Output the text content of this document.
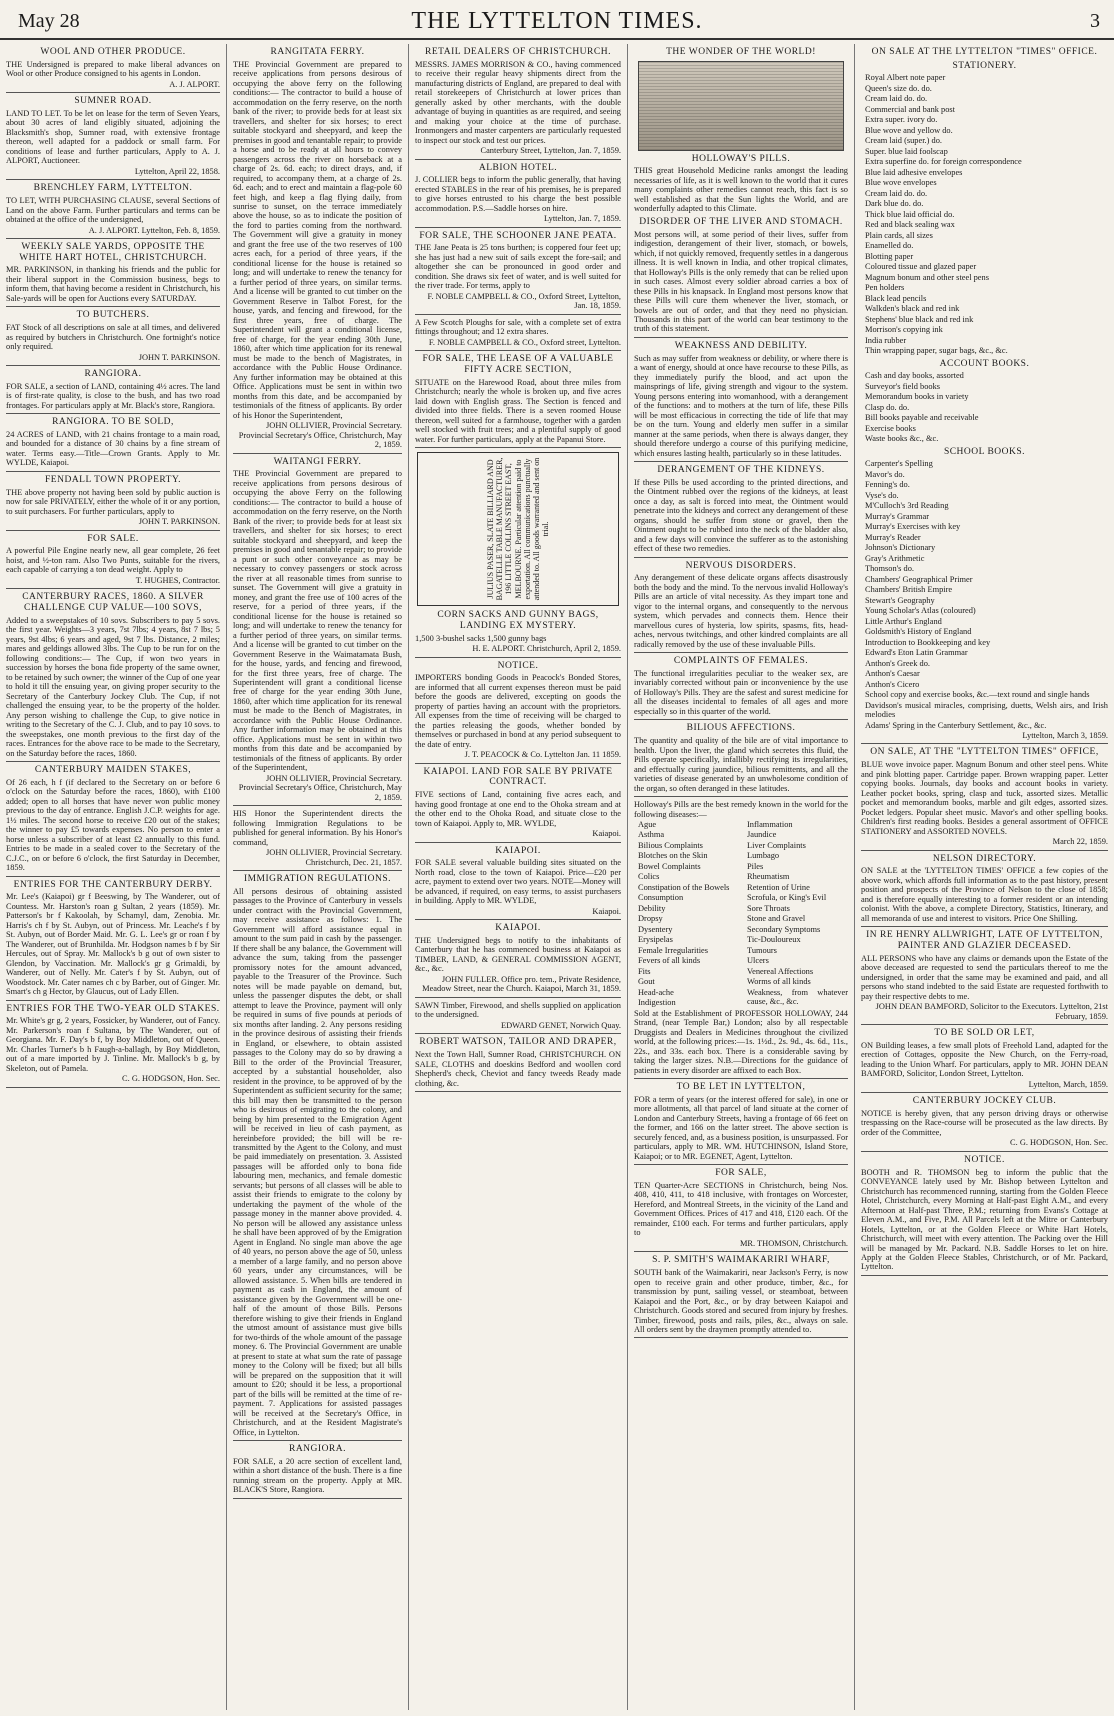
May 28	THE LYTTELTON TIMES.	3
WOOL AND OTHER PRODUCE.

THE Undersigned is prepared to make liberal advances on Wool or other Produce consigned to his agents in London.

A. J. ALPORT.

SUMNER ROAD.

LAND TO LET. To be let on lease for the term of Seven Years, about 30 acres of land eligibly situated, adjoining the Blacksmith's shop, Sumner road, with extensive frontage thereon, well adapted for a paddock or small farm. For conditions of lease and further particulars, Apply to A. J. ALPORT, Auctioneer.

Lyttelton, April 22, 1858.

BRENCHLEY FARM, LYTTELTON.

TO LET, WITH PURCHASING CLAUSE, several Sections of Land on the above Farm. Further particulars and terms can be obtained at the office of the undersigned,

A. J. ALPORT. Lyttelton, Feb. 8, 1859.

WEEKLY SALE YARDS, OPPOSITE THE WHITE HART HOTEL, CHRISTCHURCH.

MR. PARKINSON, in thanking his friends and the public for their liberal support in the Commission business, begs to inform them, that having become a resident in Christchurch, his Sale-yards will be open for Auctions every SATURDAY.

TO BUTCHERS.

FAT Stock of all descriptions on sale at all times, and delivered as required by butchers in Christchurch. One fortnight's notice only required.

JOHN T. PARKINSON.

RANGIORA.

FOR SALE, a section of LAND, containing 4½ acres. The land is of first-rate quality, is close to the bush, and has two road frontages. For particulars apply at Mr. Black's store, Rangiora.

RANGIORA. TO BE SOLD,

24 ACRES of LAND, with 21 chains frontage to a main road, and bounded for a distance of 30 chains by a fine stream of water. Terms easy.—Title—Crown Grants. Apply to Mr. WYLDE, Kaiapoi.

FENDALL TOWN PROPERTY.

THE above property not having been sold by public auction is now for sale PRIVATELY, either the whole of it or any portion, to suit purchasers. For further particulars, apply to

JOHN T. PARKINSON.

FOR SALE.

A powerful Pile Engine nearly new, all gear complete, 26 feet hoist, and ½-ton ram. Also Two Punts, suitable for the rivers, each capable of carrying a ton dead weight. Apply to

T. HUGHES, Contractor.

CANTERBURY RACES, 1860. A SILVER CHALLENGE CUP VALUE—100 SOVS,

Added to a sweepstakes of 10 sovs. Subscribers to pay 5 sovs. the first year. Weights—3 years, 7st 7lbs; 4 years, 8st 7 lbs; 5 years, 9st 4lbs; 6 years and aged, 9st 7 lbs. Distance, 2 miles; mares and geldings allowed 3lbs. The Cup to be run for on the following conditions:— The Cup, if won two years in succession by horses the bona fide property of the same owner, to be retained by such owner; the winner of the Cup of one year to hold it till the ensuing year, on giving proper security to the Secretary of the Canterbury Jockey Club. The Cup, if not challenged the ensuing year, to be the property of the holder. Any person wishing to challenge the Cup, to give notice in writing to the Secretary of the C. J. Club, and to pay 10 sovs. to the sweepstakes, one month previous to the first day of the races. Entrances for the above race to be made to the Secretary, on the Saturday before the races, 1860.

CANTERBURY MAIDEN STAKES,

Of 26 each, h f (if declared to the Secretary on or before 6 o'clock on the Saturday before the races, 1860), with £100 added; open to all horses that have never won public money previous to the day of entrance. English J.C.P. weights for age. 1½ miles. The second horse to receive £20 out of the stakes; the winner to pay £5 towards expenses. No person to enter a horse unless a subscriber of at least £2 annually to this fund. Entries to be made in a sealed cover to the Secretary of the C.J.C., on or before 6 o'clock, the first Saturday in December, 1859.

ENTRIES FOR THE CANTERBURY DERBY.

Mr. Lee's (Kaiapoi) gr f Beeswing, by The Wanderer, out of Countess. Mr. Harston's roan g Sultan, 2 years (1859). Mr. Patterson's br f Kakoolah, by Schamyl, dam, Zenobia. Mr. Harris's ch f by St. Aubyn, out of Princess. Mr. Leache's f by St. Aubyn, out of Border Maid. Mr. G. L. Lee's gr or roan f by The Wanderer, out of Brunhilda. Mr. Hodgson names b f by Sir Hercules, out of Spray. Mr. Mallock's b g out of own sister to Glendon, by Vaccination. Mr. Mallock's gr g Grimaldi, by Wanderer, out of Nelly. Mr. Cater's f by St. Aubyn, out of Woodstock. Mr. Cater names ch c by Barber, out of Ginger. Mr. Smart's ch g Hector, by Glaucus, out of Lady Ellen.

ENTRIES FOR THE TWO-YEAR OLD STAKES.

Mr. White's gr g, 2 years, Fossicker, by Wanderer, out of Fancy. Mr. Parkerson's roan f Sultana, by The Wanderer, out of Georgiana. Mr. F. Day's b f, by Boy Middleton, out of Queen. Mr. Charles Turner's b h Faugh-a-ballagh, by Boy Middleton, out of a mare imported by J. Tinline. Mr. Mallock's b g, by Skeleton, out of Pamela.

C. G. HODGSON, Hon. Sec.

RANGITATA FERRY.

THE Provincial Government are prepared to receive applications from persons desirous of occupying the above ferry on the following conditions:— The contractor to build a house of accommodation on the ferry reserve, on the north bank of the river; to provide beds for at least six travellers, and shelter for six horses; to erect suitable stockyard and sheepyard, and keep the premises in good and tenantable repair; to provide a horse and to be ready at all hours to convey passengers across the river on horseback at a charge of 2s. 6d. each; to direct drays, and, if required, to accompany them, at a charge of 2s. 6d. each; and to erect and maintain a flag-pole 60 feet high, and keep a flag flying daily, from sunrise to sunset, on the terrace immediately above the house, so as to indicate the position of the ford to parties coming from the northward. The Government will give a gratuity in money and grant the free use of the two reserves of 100 acres each, for a period of three years, if the conditional license for the house is retained so long; and will undertake to renew the tenancy for a further period of three years, on similar terms. And a license will be granted to cut timber on the Government Reserve in Talbot Forest, for the house, yards, and fencing and firewood, for the first three years, free of charge. The Superintendent will grant a conditional license, free of charge, for the year ending 30th June, 1860, after which time application for its renewal must be made to the bench of Magistrates, in accordance with the Public House Ordinance. Any further information may be obtained at this Office. Applications must be sent in within two months from this date, and be accompanied by testimonials of the fitness of applicants. By order of his Honor the Superintendent,

JOHN OLLIVIER, Provincial Secretary. Provincial Secretary's Office, Christchurch, May 2, 1859.

WAITANGI FERRY.

THE Provincial Government are prepared to receive applications from persons desirous of occupying the above Ferry on the following conditions:— The contractor to build a house of accommodation on the ferry reserve, on the North Bank of the river; to provide beds for at least six travellers, and shelter for six horses; to erect suitable stockyard and sheepyard, and keep the premises in good and tenantable repair; to provide a punt or such other conveyance as may be necessary to convey passengers or stock across the river at all reasonable times from sunrise to sunset. The Government will give a gratuity in money, and grant the free use of 100 acres of the reserve, for a period of three years, if the conditional license for the house is retained so long; and will undertake to renew the tenancy for a further period of three years, on similar terms. And a license will be granted to cut timber on the Government Reserve in the Waimatamata Bush, for the house, yards, and fencing and firewood, for the first three years, free of charge. The Superintendent will grant a conditional license free of charge for the year ending 30th June, 1860, after which time application for its renewal must be made to the Bench of Magistrates, in accordance with the Public House Ordinance. Any further information may be obtained at this office. Applications must be sent in within two months from this date and be accompanied by testimonials of the fitness of applicants. By order of the Superintendent,

JOHN OLLIVIER, Provincial Secretary. Provincial Secretary's Office, Christchurch, May 2, 1859.

HIS Honor the Superintendent directs the following Immigration Regulations to be published for general information. By his Honor's command,

JOHN OLLIVIER, Provincial Secretary. Christchurch, Dec. 21, 1857.

IMMIGRATION REGULATIONS.

All persons desirous of obtaining assisted passages to the Province of Canterbury in vessels under contract with the Provincial Government, may receive assistance as follows: 1. The Government will afford assistance equal in amount to the sum paid in cash by the passenger. If there shall be any balance, the Government will advance the sum, taking from the passenger promissory notes for the amount advanced, payable to the Treasurer of the Province. Such notes will be made payable on demand, but, unless the passenger disputes the debt, or shall attempt to leave the Province, payment will only be required in sums of five pounds at periods of six months after landing. 2. Any persons residing in the province desirous of assisting their friends in England, or elsewhere, to obtain assisted passages to the Colony may do so by drawing a Bill to the order of the Provincial Treasurer, accepted by a substantial householder, also resident in the province, to be approved of by the Superintendent as sufficient security for the same; this bill may then be transmitted to the person who is desirous of emigrating to the colony, and being by him presented to the Emigration Agent will be received in lieu of cash payment, as hereinbefore provided; the bill will be re-transmitted by the Agent to the Colony, and must be paid immediately on presentation. 3. Assisted passages will be afforded only to bona fide labouring men, mechanics, and female domestic servants; but persons of all classes will be able to assist their friends to emigrate to the colony by undertaking the payment of the whole of the passage money in the manner above provided. 4. No person will be allowed any assistance unless he shall have been approved of by the Emigration Agent in England. No single man above the age of 40 years, no person above the age of 50, unless a member of a large family, and no person above 60 years, under any circumstances, will be allowed assistance. 5. When bills are tendered in payment as cash in England, the amount of assistance given by the Government will be one-half of the amount of those Bills. Persons therefore wishing to give their friends in England the utmost amount of assistance must give bills for two-thirds of the whole amount of the passage money. 6. The Provincial Government are unable at present to state at what sum the rate of passage money to the Colony will be fixed; but all bills will be prepared on the supposition that it will amount to £20; should it be less, a proportional part of the bills will be remitted at the time of re-payment. 7. Applications for assisted passages will be received at the Secretary's Office, in Christchurch, and at the Resident Magistrate's Office, in Lyttelton.

RANGIORA.

FOR SALE, a 20 acre section of excellent land, within a short distance of the bush. There is a fine running stream on the property. Apply at MR. BLACK'S Store, Rangiora.

RETAIL DEALERS OF CHRISTCHURCH.

MESSRS. JAMES MORRISON & CO., having commenced to receive their regular heavy shipments direct from the manufacturing districts of England, are prepared to deal with retail storekeepers of Christchurch at lower prices than generally asked by other merchants, with the double advantage of buying in quantities as are required, and seeing and making your choice at the time of purchase. Ironmongers and master carpenters are particularly requested to inspect our stock and test our prices.

Canterbury Street, Lyttelton, Jan. 7, 1859.

ALBION HOTEL.

J. COLLIER begs to inform the public generally, that having erected STABLES in the rear of his premises, he is prepared to give horses entrusted to his charge the best possible accommodation. P.S.—Saddle horses on hire.

Lyttelton, Jan. 7, 1859.

FOR SALE, THE SCHOONER JANE PEATA.

THE Jane Peata is 25 tons burthen; is coppered four feet up; she has just had a new suit of sails except the fore-sail; and altogether she can be pronounced in good order and condition. She draws six feet of water, and is well suited for the river trade. For terms, apply to

F. NOBLE CAMPBELL & CO., Oxford Street, Lyttelton, Jan. 18, 1859.

A Few Scotch Ploughs for sale, with a complete set of extra fittings throughout; and 12 extra shares.

F. NOBLE CAMPBELL & CO., Oxford street, Lyttelton.

FOR SALE, THE LEASE OF A VALUABLE FIFTY ACRE SECTION,

SITUATE on the Harewood Road, about three miles from Christchurch; nearly the whole is broken up, and five acres laid down with English grass. The Section is fenced and divided into three fields. There is a seven roomed House thereon, well suited for a farmhouse, together with a garden well stocked with fruit trees; and a plentiful supply of good water. For further particulars, apply at the Papanui Store.

JULIUS PASER, SLATE BILLIARD AND BAGATELLE TABLE MANUFACTURER, 196 LITTLE COLLINS STREET EAST, MELBOURNE. Particular attention paid to exportation. All communications punctually attended to. All goods warranted and sent on trial.
CORN SACKS AND GUNNY BAGS, LANDING EX MYSTERY.

1,500 3-bushel sacks 1,500 gunny bags

H. E. ALPORT. Christchurch, April 2, 1859.

NOTICE.

IMPORTERS bonding Goods in Peacock's Bonded Stores, are informed that all current expenses thereon must be paid before the goods are delivered, excepting on goods the property of parties having an account with the proprietors. All expenses from the time of receiving will be charged to the parties releasing the goods, whether bonded by themselves or purchased in bond at any period subsequent to the date of entry.

J. T. PEACOCK & Co. Lyttelton Jan. 11 1859.

KAIAPOI. LAND FOR SALE BY PRIVATE CONTRACT.

FIVE sections of Land, containing five acres each, and having good frontage at one end to the Ohoka stream and at the other end to the Ohoka Road, and situate close to the town of Kaiapoi. Apply to, MR. WYLDE,

Kaiapoi.

KAIAPOI.

FOR SALE several valuable building sites situated on the North road, close to the town of Kaiapoi. Price—£20 per acre, payment to extend over two years. NOTE—Money will be advanced, if required, on easy terms, to assist purchasers in building. Apply to MR. WYLDE,

Kaiapoi.

KAIAPOI.

THE Undersigned begs to notify to the inhabitants of Canterbury that he has commenced business at Kaiapoi as TIMBER, LAND, & GENERAL COMMISSION AGENT, &c., &c.

JOHN FULLER. Office pro. tem., Private Residence, Meadow Street, near the Church. Kaiapoi, March 31, 1859.

SAWN Timber, Firewood, and shells supplied on application to the undersigned.

EDWARD GENET, Norwich Quay.

ROBERT WATSON, TAILOR AND DRAPER,

Next the Town Hall, Sumner Road, CHRISTCHURCH. ON SALE, CLOTHS and doeskins Bedford and woollen cord Shepherd's check, Cheviot and fancy tweeds Ready made clothing, &c.

THE WONDER OF THE WORLD!
HOLLOWAY'S PILLS.

THIS great Household Medicine ranks amongst the leading necessaries of life, as it is well known to the world that it cures many complaints other remedies cannot reach, this fact is so well established as that the Sun lights the World, and are wonderfully adapted to this Climate.

DISORDER OF THE LIVER AND STOMACH.

Most persons will, at some period of their lives, suffer from indigestion, derangement of their liver, stomach, or bowels, which, if not quickly removed, frequently settles in a dangerous illness. It is well known in India, and other tropical climates, that Holloway's Pills is the only remedy that can be relied upon in such cases. Almost every soldier abroad carries a box of these Pills in his knapsack. In England most persons know that these Pills will cure them whenever the liver, stomach, or bowels are out of order, and that they need no physician. Thousands in this part of the world can bear testimony to the truth of this statement.

WEAKNESS AND DEBILITY.

Such as may suffer from weakness or debility, or where there is a want of energy, should at once have recourse to these Pills, as they immediately purify the blood, and act upon the mainsprings of life, giving strength and vigour to the system. Young persons entering into womanhood, with a derangement of the functions: and to mothers at the turn of life, these Pills will be most efficacious in correcting the tide of life that may be on the turn. Young and elderly men suffer in a similar manner at the same periods, when there is always danger, they should therefore undergo a course of this purifying medicine, which ensures lasting health, particularly so in these latitudes.

DERANGEMENT OF THE KIDNEYS.

If these Pills be used according to the printed directions, and the Ointment rubbed over the regions of the kidneys, at least once a day, as salt is forced into meat, the Ointment would penetrate into the kidneys and correct any derangement of these organs, should he suffer from stone or gravel, then the Ointment ought to be rubbed into the neck of the bladder also, and a few days will convince the sufferer as to the astonishing effect of these two remedies.

NERVOUS DISORDERS.

Any derangement of these delicate organs affects disastrously both the body and the mind. To the nervous invalid Holloway's Pills are an article of vital necessity. As they impart tone and vigor to the internal organs, and consequently to the nervous system, which pervades and connects them. Hence their marvellous cures of hysteria, low spirits, spasms, fits, head-aches, nervous twitchings, and other kindred complaints are all radically removed by the use of these invaluable Pills.

COMPLAINTS OF FEMALES.

The functional irregularities peculiar to the weaker sex, are invariably corrected without pain or inconvenience by the use of Holloway's Pills. They are the safest and surest medicine for all the diseases incidental to females of all ages and more especially so in this quarter of the world.

BILIOUS AFFECTIONS.

The quantity and quality of the bile are of vital importance to health. Upon the liver, the gland which secretes this fluid, the Pills operate specifically, infallibly rectifying its irregularities, and effectually curing jaundice, bilious remittents, and all the varieties of disease generated by an unwholesome condition of the organ, so often deranged in these latitudes.

Holloway's Pills are the best remedy known in the world for the following diseases:—

Ague

Asthma

Bilious Complaints

Blotches on the Skin

Bowel Complaints

Colics

Constipation of the Bowels

Consumption

Debility

Dropsy

Dysentery

Erysipelas

Female Irregularities

Fevers of all kinds

Fits

Gout

Head-ache

Indigestion

Inflammation

Jaundice

Liver Complaints

Lumbago

Piles

Rheumatism

Retention of Urine

Scrofula, or King's Evil

Sore Throats

Stone and Gravel

Secondary Symptoms

Tic-Douloureux

Tumours

Ulcers

Venereal Affections

Worms of all kinds

Weakness, from whatever cause, &c., &c.

Sold at the Establishment of PROFESSOR HOLLOWAY, 244 Strand, (near Temple Bar,) London; also by all respectable Druggists and Dealers in Medicines throughout the civilized world, at the following prices:—1s. 1½d., 2s. 9d., 4s. 6d., 11s., 22s., and 33s. each box. There is a considerable saving by taking the larger sizes. N.B.—Directions for the guidance of patients in every disorder are affixed to each Box.

TO BE LET IN LYTTELTON,

FOR a term of years (or the interest offered for sale), in one or more allotments, all that parcel of land situate at the corner of London and Canterbury Streets, having a frontage of 66 feet on the former, and 166 on the latter street. The above section is securely fenced, and, as a business position, is unsurpassed. For particulars, apply to MR. WM. HUTCHINSON, Island Store, Kaiapoi; or to MR. EGENET, Agent, Lyttelton.

FOR SALE,

TEN Quarter-Acre SECTIONS in Christchurch, being Nos. 408, 410, 411, to 418 inclusive, with frontages on Worcester, Hereford, and Montreal Streets, in the vicinity of the Land and Government Offices. Prices of 417 and 418, £120 each. Of the remainder, £100 each. For terms and further particulars, apply to

MR. THOMSON, Christchurch.

S. P. SMITH'S WAIMAKARIRI WHARF,

SOUTH bank of the Waimakariri, near Jackson's Ferry, is now open to receive grain and other produce, timber, &c., for transmission by punt, sailing vessel, or steamboat, between Kaiapoi and the Port, &c., or by dray between Kaiapoi and Christchurch. Goods stored and secured from injury by freshes. Timber, firewood, posts and rails, piles, &c., always on sale. All orders sent by the draymen promptly attended to.

ON SALE AT THE LYTTELTON "TIMES" OFFICE.
STATIONERY.

Royal Albert note paper

Queen's size do. do.

Cream laid do. do.

Commercial and bank post

Extra super. ivory do.

Blue wove and yellow do.

Cream laid (super.) do.

Super. blue laid foolscap

Extra superfine do. for foreign correspondence

Blue laid adhesive envelopes

Blue wove envelopes

Cream laid do. do.

Dark blue do. do.

Thick blue laid official do.

Red and black sealing wax

Plain cards, all sizes

Enamelled do.

Blotting paper

Coloured tissue and glazed paper

Magnum bonum and other steel pens

Pen holders

Black lead pencils

Walkden's black and red ink

Stephens' blue black and red ink

Morrison's copying ink

India rubber

Thin wrapping paper, sugar bags, &c., &c.

ACCOUNT BOOKS.

Cash and day books, assorted

Surveyor's field books

Memorandum books in variety

Clasp do. do.

Bill books payable and receivable

Exercise books

Waste books &c., &c.

SCHOOL BOOKS.

Carpenter's Spelling

Mavor's do.

Fenning's do.

Vyse's do.

M'Culloch's 3rd Reading

Murray's Grammar

Murray's Exercises with key

Murray's Reader

Johnson's Dictionary

Gray's Arithmetic

Thomson's do.

Chambers' Geographical Primer

Chambers' British Empire

Stewart's Geography

Young Scholar's Atlas (coloured)

Little Arthur's England

Goldsmith's History of England

Introduction to Bookkeeping and key

Edward's Eton Latin Grammar

Anthon's Greek do.

Anthon's Caesar

Anthon's Cicero

School copy and exercise books, &c.—text round and single hands

Davidson's musical miracles, comprising, duetts, Welsh airs, and Irish melodies

Adams' Spring in the Canterbury Settlement, &c., &c.

Lyttelton, March 3, 1859.

ON SALE, AT THE "LYTTELTON TIMES" OFFICE,

BLUE wove invoice paper. Magnum Bonum and other steel pens. White and pink blotting paper. Cartridge paper. Brown wrapping paper. Letter copying books. Journals, day books and account books in variety. Leather pocket books, spring, clasp and tuck, assorted sizes. Metallic pocket and memorandum books, marble and gilt edges, assorted sizes. Pocket ledgers. Popular sheet music. Mavor's and other spelling books. Children's first reading books. Besides a general assortment of OFFICE STATIONERY and ASSORTED NOVELS.

March 22, 1859.

NELSON DIRECTORY.

ON SALE at the 'LYTTELTON TIMES' OFFICE a few copies of the above work, which affords full information as to the past history, present position and prospects of the Province of Nelson to the close of 1858; and is therefore equally interesting to a former resident or an intending colonist. With the above, a complete Directory, Statistics, Itinerary, and all memoranda of use and interest to visitors. Price One Shilling.

IN RE HENRY ALLWRIGHT, LATE OF LYTTELTON, PAINTER AND GLAZIER DECEASED.

ALL PERSONS who have any claims or demands upon the Estate of the above deceased are requested to send the particulars thereof to me the undersigned, in order that the same may be examined and paid, and all persons who stand indebted to the said Estate are requested forthwith to pay their respective debts to me.

JOHN DEAN BAMFORD, Solicitor to the Executors. Lyttelton, 21st February, 1859.

TO BE SOLD OR LET,

ON Building leases, a few small plots of Freehold Land, adapted for the erection of Cottages, opposite the New Church, on the Ferry-road, leading to the Union Wharf. For particulars, apply to MR. JOHN DEAN BAMFORD, Solicitor, London Street, Lyttelton.

Lyttelton, March, 1859.

CANTERBURY JOCKEY CLUB.

NOTICE is hereby given, that any person driving drays or otherwise trespassing on the Race-course will be prosecuted as the law directs. By order of the Committee,

C. G. HODGSON, Hon. Sec.

NOTICE.

BOOTH and R. THOMSON beg to inform the public that the CONVEYANCE lately used by Mr. Bishop between Lyttelton and Christchurch has recommenced running, starting from the Golden Fleece Hotel, Christchurch, every Morning at Half-past Eight A.M., and every Afternoon at Half-past Three, P.M.; returning from Evans's Cottage at Eleven A.M., and Five, P.M. All Parcels left at the Mitre or Canterbury Hotels, Lyttelton, or at the Golden Fleece or White Hart Hotels, Christchurch, will meet with every attention. The Packing over the Hill will be managed by Mr. Packard. N.B. Saddle Horses to let on hire. Apply at the Golden Fleece Stables, Christchurch, or of Mr. Packard, Lyttelton.
